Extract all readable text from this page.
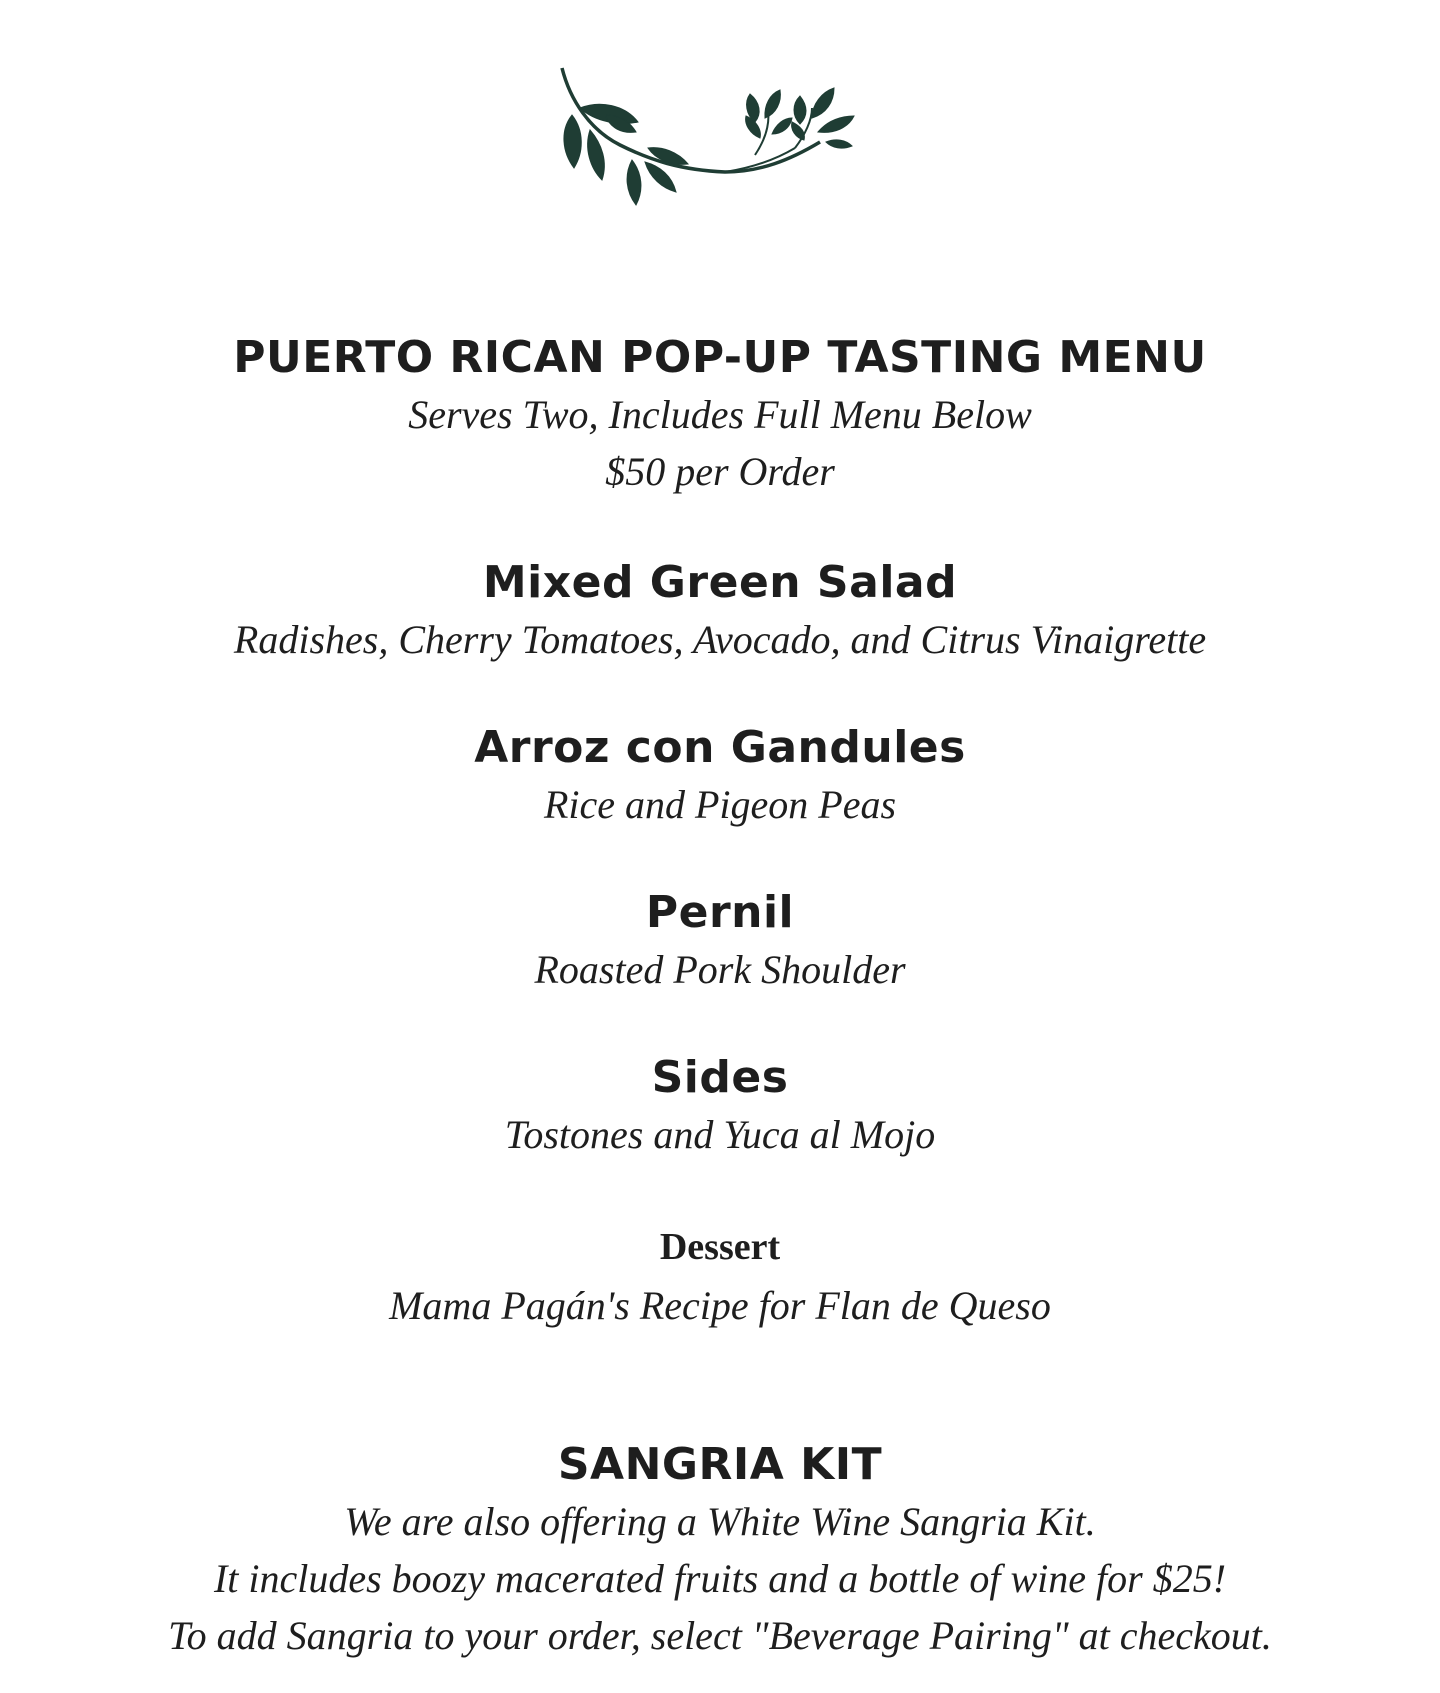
PUERTO RICAN POP-UP TASTING MENU
Serves Two, Includes Full Menu Below
$50 per Order
Mixed Green Salad
Radishes, Cherry Tomatoes, Avocado, and Citrus Vinaigrette
Arroz con Gandules
Rice and Pigeon Peas
Pernil
Roasted Pork Shoulder
Sides
Tostones and Yuca al Mojo
Dessert
Mama Pagán's Recipe for Flan de Queso
SANGRIA KIT
We are also offering a White Wine Sangria Kit.
It includes boozy macerated fruits and a bottle of wine for $25!
To add Sangria to your order, select "Beverage Pairing" at checkout.
